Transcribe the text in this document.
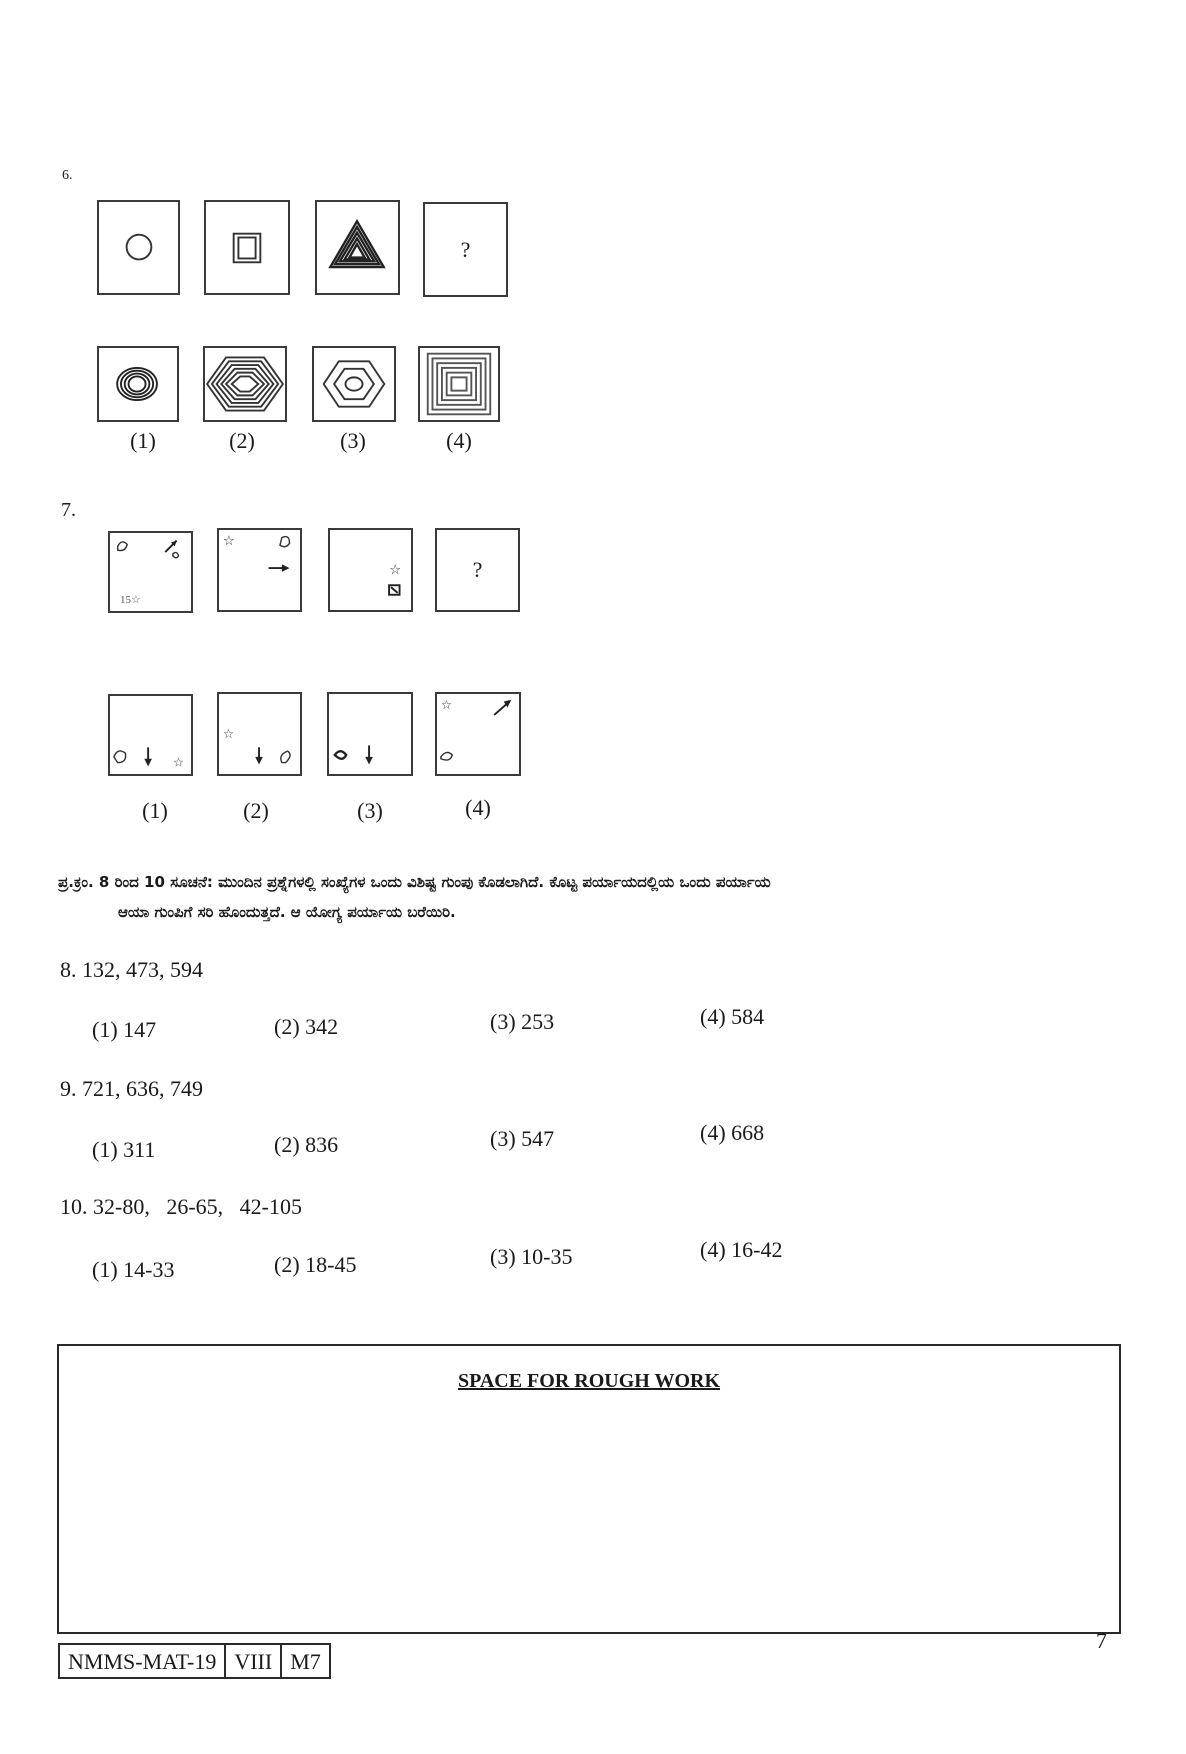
6.
?
(1)	(2)	(3)	(4)
7.
15☆
☆
☆	?
☆
☆
☆
(1)	(2)	(3)	(4)
ಪ್ರ.ಕ್ರಂ. 8 ರಿಂದ 10 ಸೂಚನೆ: ಮುಂದಿನ ಪ್ರಶ್ನೆಗಳಲ್ಲಿ ಸಂಖ್ಯೆಗಳ ಒಂದು ವಿಶಿಷ್ಟ ಗುಂಪು ಕೊಡಲಾಗಿದೆ. ಕೊಟ್ಟ ಪರ್ಯಾಯದಲ್ಲಿಯ ಒಂದು ಪರ್ಯಾಯ
ಆಯಾ ಗುಂಪಿಗೆ ಸರಿ ಹೊಂದುತ್ತದೆ. ಆ ಯೋಗ್ಯ ಪರ್ಯಾಯ ಬರೆಯಿರಿ.
8. 132, 473, 594
(1) 147	(2) 342	(3) 253	(4) 584
9. 721, 636, 749
(1) 311	(2) 836	(3) 547	(4) 668
10. 32-80,   26-65,   42-105
(1) 14-33	(2) 18-45	(3) 10-35	(4) 16-42
SPACE FOR ROUGH WORK
NMMS-MAT-19 VIII M7
7
